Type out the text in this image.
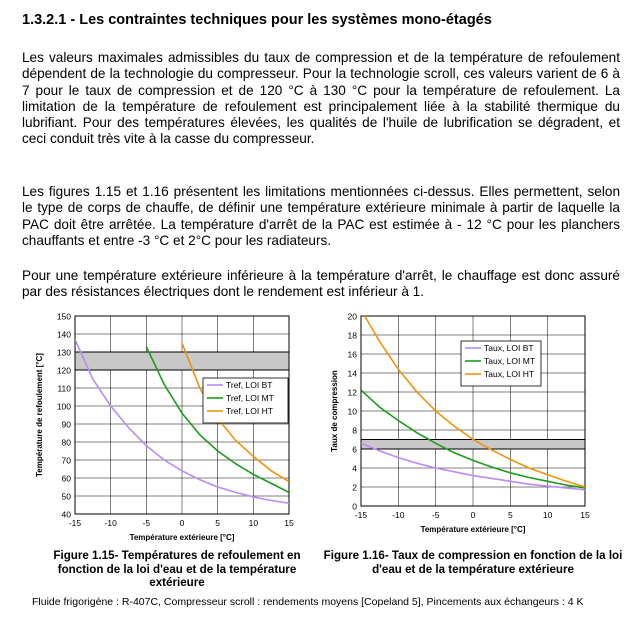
1.3.2.1 - Les contraintes techniques pour les systèmes mono-étagés

Les valeurs maximales admissibles du taux de compression et de la température de refoulement dépendent de la technologie du compresseur. Pour la technologie scroll, ces valeurs varient de 6 à 7 pour le taux de compression et de 120 °C à 130 °C pour la température de refoulement. La limitation de la température de refoulement est principalement liée à la stabilité thermique du lubrifiant. Pour des températures élevées, les qualités de l'huile de lubrification se dégradent, et ceci conduit très vite à la casse du compresseur.

Les figures 1.15 et 1.16 présentent les limitations mentionnées ci-dessus. Elles permettent, selon le type de corps de chauffe, de définir une température extérieure minimale à partir de laquelle la PAC doit être arrêtée. La température d'arrêt de la PAC est estimée à - 12 °C pour les planchers chauffants et entre -3 °C et 2°C pour les radiateurs.

Pour une température extérieure inférieure à la température d'arrêt, le chauffage est donc assuré par des résistances électriques dont le rendement est inférieur à 1.

40
50
60
70
80
90
100
110
120
130
140
150
-15	-10	-5	0	5	10	15
Tref, LOI BT
Tref, LOI MT
Tref, LOI HT
Température extérieure [°C]
Température de refoulement [°C]
0
2
4
6
8
10
12
14
16
18
20
-15	-10	-5	0	5	10	15
Taux, LOI BT
Taux, LOI MT
Taux, LOI HT
Température extérieure [°C]
Taux de compression
Figure 1.15- Températures de refoulement en fonction de la loi d'eau et de la température extérieure
Figure 1.16- Taux de compression en fonction de la loi d'eau et de la température extérieure
Fluide frigorigène : R-407C, Compresseur scroll : rendements moyens [Copeland 5], Pincements aux échangeurs : 4 K
